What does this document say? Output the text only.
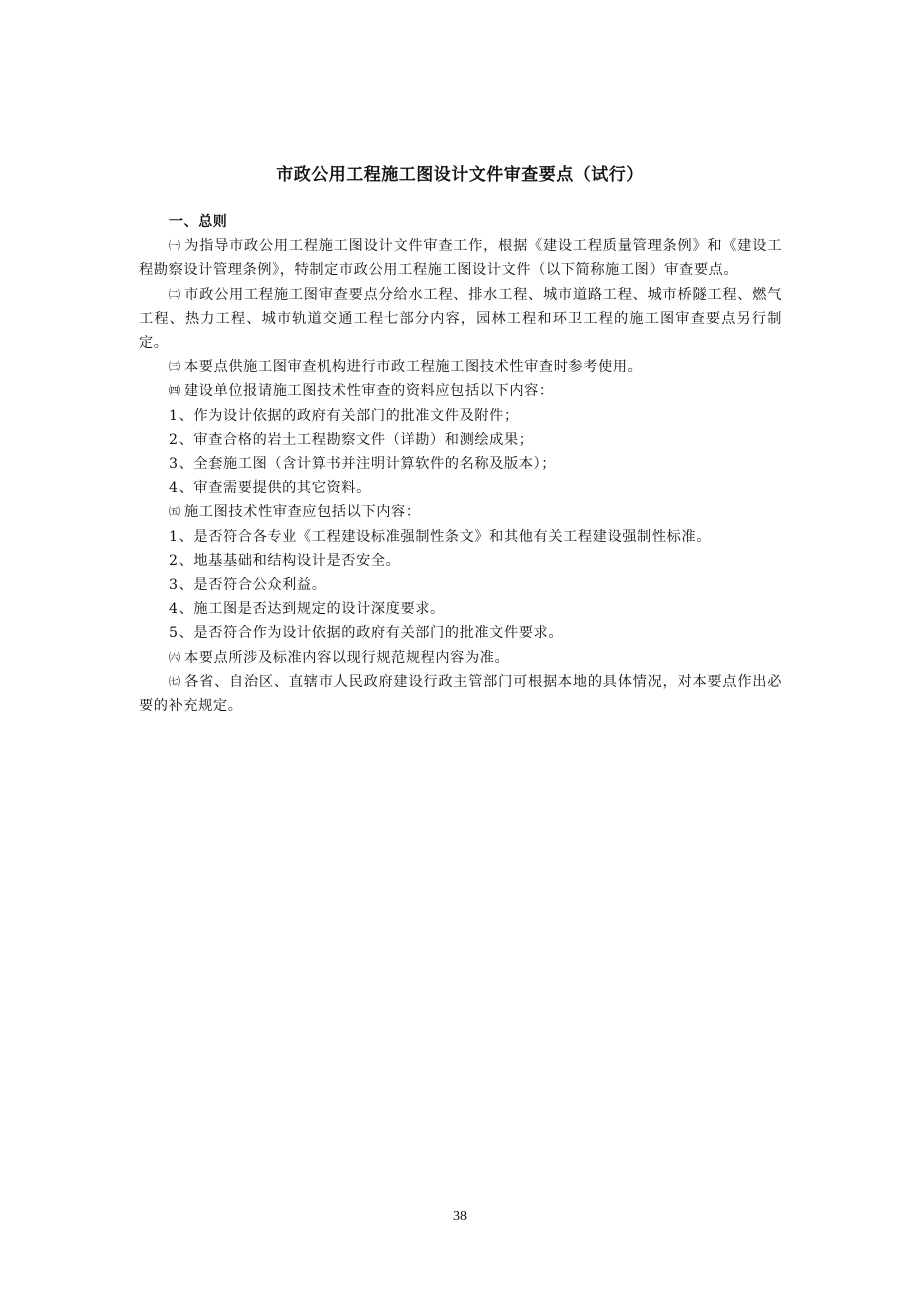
市政公用工程施工图设计文件审查要点（试行）
一、总则

㈠ 为指导市政公用工程施工图设计文件审查工作，根据《建设工程质量管理条例》和《建设工程勘察设计管理条例》，特制定市政公用工程施工图设计文件（以下简称施工图）审查要点。

㈡ 市政公用工程施工图审查要点分给水工程、排水工程、城市道路工程、城市桥隧工程、燃气工程、热力工程、城市轨道交通工程七部分内容，园林工程和环卫工程的施工图审查要点另行制定。

㈢ 本要点供施工图审查机构进行市政工程施工图技术性审查时参考使用。

㈣ 建设单位报请施工图技术性审查的资料应包括以下内容：

1、作为设计依据的政府有关部门的批准文件及附件；

2、审查合格的岩土工程勘察文件（详勘）和测绘成果；

3、全套施工图（含计算书并注明计算软件的名称及版本）；

4、审查需要提供的其它资料。

㈤ 施工图技术性审查应包括以下内容：

1、是否符合各专业《工程建设标准强制性条文》和其他有关工程建设强制性标准。

2、地基基础和结构设计是否安全。

3、是否符合公众利益。

4、施工图是否达到规定的设计深度要求。

5、是否符合作为设计依据的政府有关部门的批准文件要求。

㈥ 本要点所涉及标准内容以现行规范规程内容为准。

㈦ 各省、自治区、直辖市人民政府建设行政主管部门可根据本地的具体情况，对本要点作出必要的补充规定。

38
